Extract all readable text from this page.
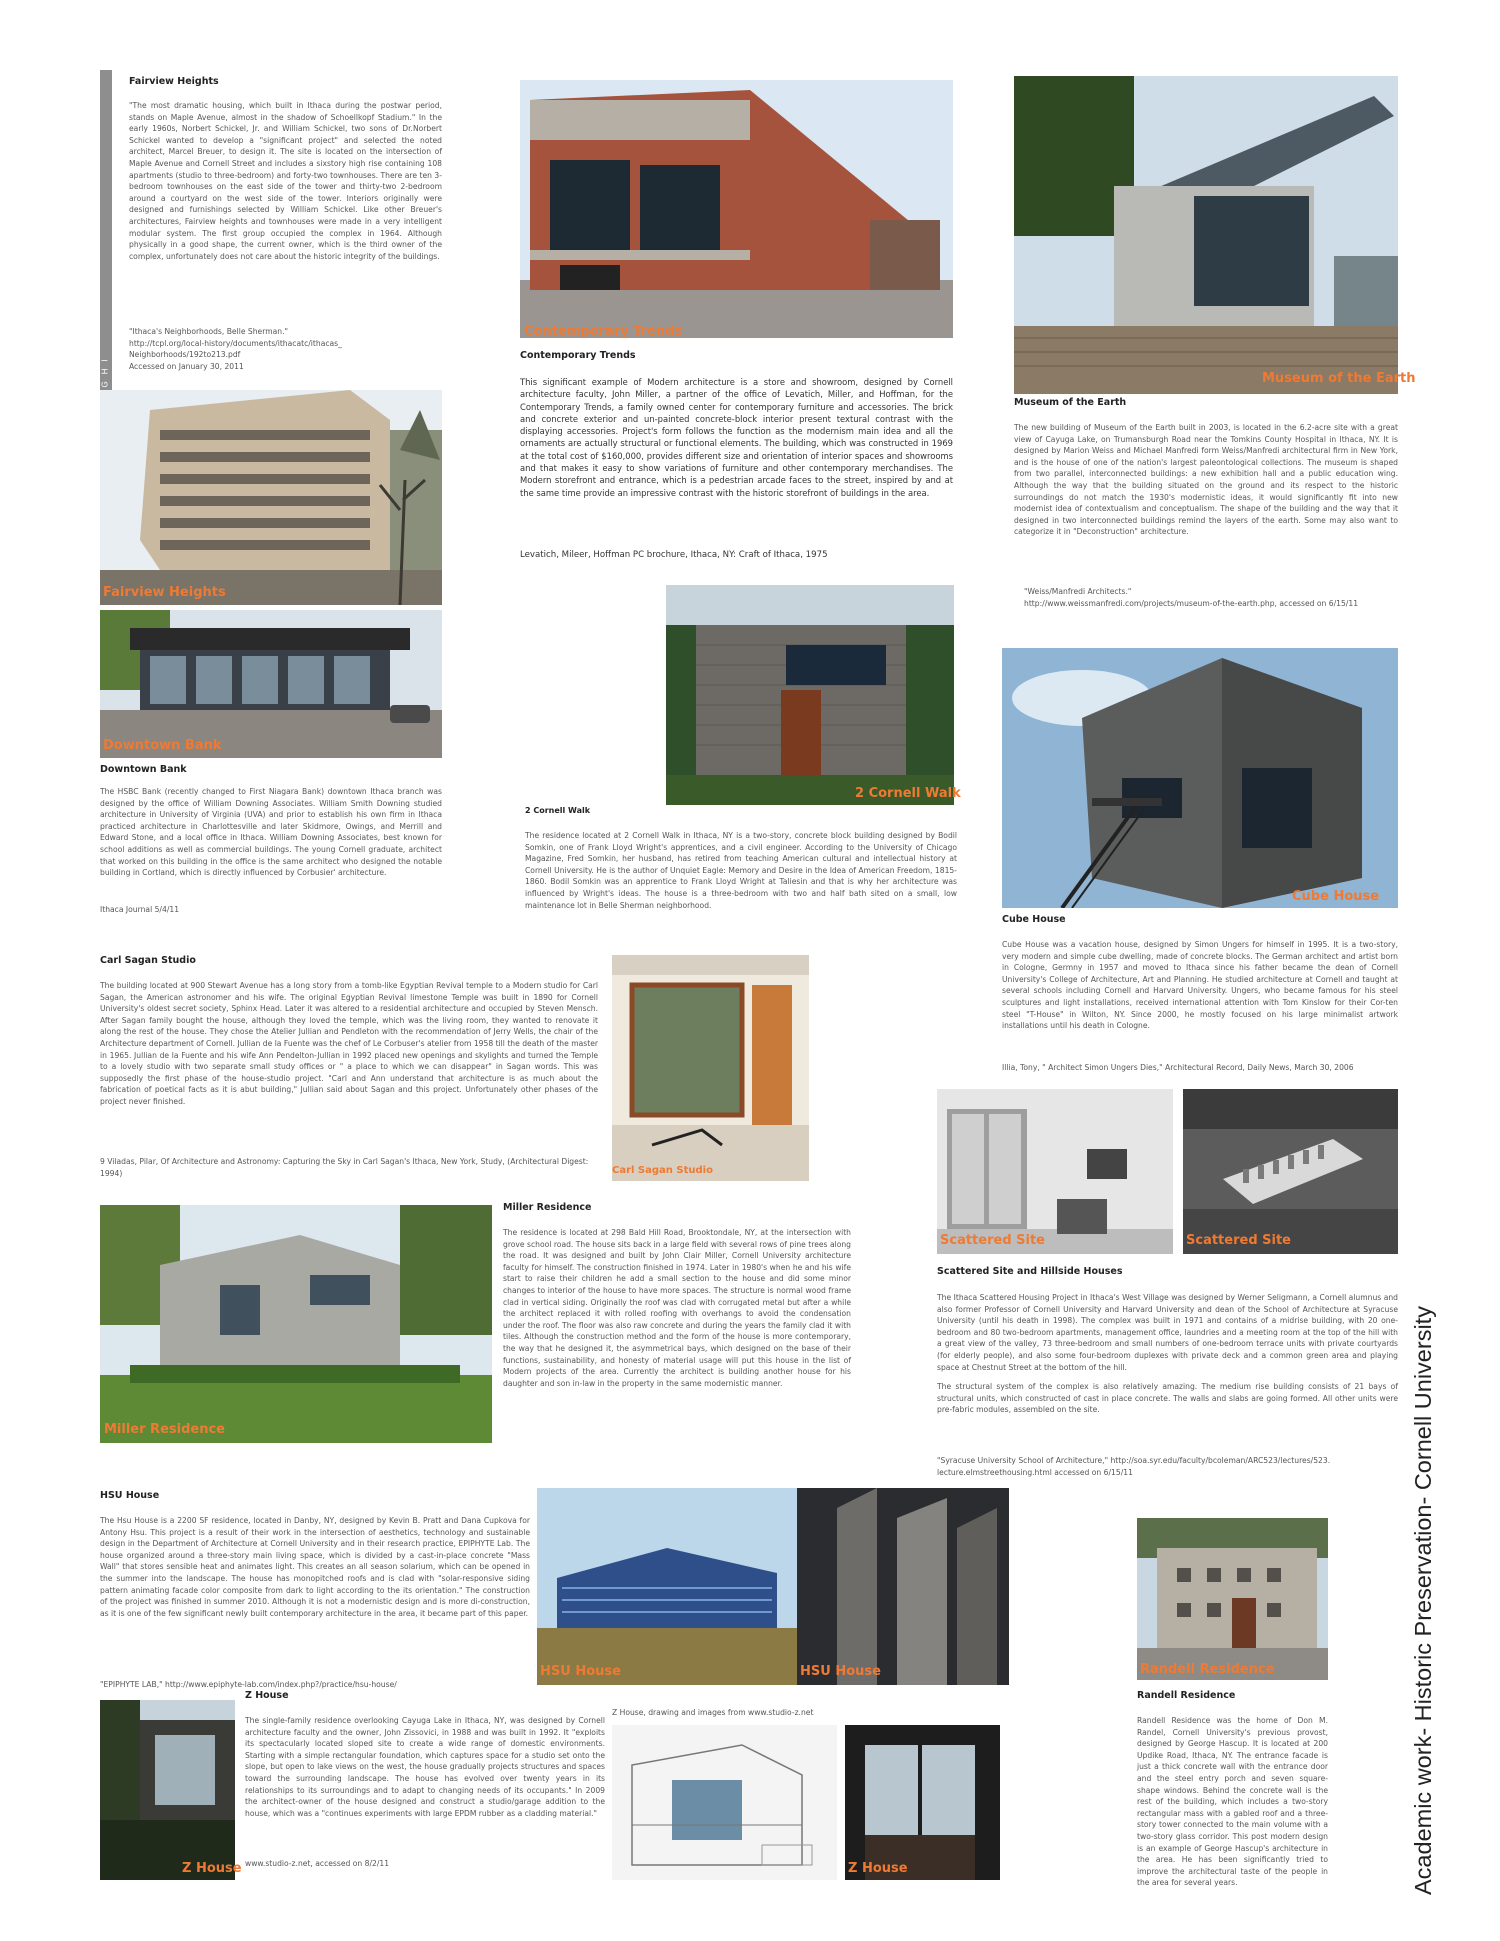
Academic work- Historic Preservation- Cornell University
Fairview Heights
"The most dramatic housing, which built in Ithaca during the postwar period, stands on Maple Avenue, almost in the shadow of Schoellkopf Stadium." In the early 1960s, Norbert Schickel, Jr. and William Schickel, two sons of Dr.Norbert Schickel wanted to develop a "significant project" and selected the noted architect, Marcel Breuer, to design it. The site is located on the intersection of Maple Avenue and Cornell Street and includes a sixstory high rise containing 108 apartments (studio to three-bedroom) and forty-two townhouses. There are ten 3-bedroom townhouses on the east side of the tower and thirty-two 2-bedroom around a courtyard on the west side of the tower. Interiors originally were designed and furnishings selected by William Schickel. Like other Breuer's architectures, Fairview heights and townhouses were made in a very intelligent modular system. The first group occupied the complex in 1964. Although physically in a good shape, the current owner, which is the third owner of the complex, unfortunately does not care about the historic integrity of the buildings.
"Ithaca's Neighborhoods, Belle Sherman."
http://tcpl.org/local-history/documents/ithacatc/ithacas_ Neighborhoods/192to213.pdf
Accessed on January 30, 2011
Fairview Heights
Downtown Bank
Downtown Bank
The HSBC Bank (recently changed to First Niagara Bank) downtown Ithaca branch was designed by the office of William Downing Associates. William Smith Downing studied architecture in University of Virginia (UVA) and prior to establish his own firm in Ithaca practiced architecture in Charlottesville and later Skidmore, Owings, and Merrill and Edward Stone, and a local office in Ithaca. William Downing Associates, best known for school additions as well as commercial buildings. The young Cornell graduate, architect that worked on this building in the office is the same architect who designed the notable building in Cortland, which is directly influenced by Corbusier' architecture.
Ithaca Journal 5/4/11
Contemporary Trends
Contemporary Trends
This significant example of Modern architecture is a store and showroom, designed by Cornell architecture faculty, John Miller, a partner of the office of Levatich, Miller, and Hoffman, for the Contemporary Trends, a family owned center for contemporary furniture and accessories. The brick and concrete exterior and un-painted concrete-block interior present textural contrast with the displaying accessories. Project's form follows the function as the modernism main idea and all the ornaments are actually structural or functional elements. The building, which was constructed in 1969 at the total cost of $160,000, provides different size and orientation of interior spaces and showrooms and that makes it easy to show variations of furniture and other contemporary merchandises. The Modern storefront and entrance, which is a pedestrian arcade faces to the street, inspired by and at the same time provide an impressive contrast with the historic storefront of buildings in the area.
Levatich, Mileer, Hoffman PC brochure, Ithaca, NY: Craft of Ithaca, 1975
2 Cornell Walk
2 Cornell Walk
The residence located at 2 Cornell Walk in Ithaca, NY is a two-story, concrete block building designed by Bodil Somkin, one of Frank Lloyd Wright's apprentices, and a civil engineer. According to the University of Chicago Magazine, Fred Somkin, her husband, has retired from teaching American cultural and intellectual history at Cornell University. He is the author of Unquiet Eagle: Memory and Desire in the Idea of American Freedom, 1815-1860. Bodil Somkin was an apprentice to Frank Lloyd Wright at Taliesin and that is why her architecture was influenced by Wright's ideas. The house is a three-bedroom with two and half bath sited on a small, low maintenance lot in Belle Sherman neighborhood.
Museum of the Earth
Museum of the Earth
The new building of Museum of the Earth built in 2003, is located in the 6.2-acre site with a great view of Cayuga Lake, on Trumansburgh Road near the Tomkins County Hospital in Ithaca, NY. It is designed by Marion Weiss and Michael Manfredi form Weiss/Manfredi architectural firm in New York, and is the house of one of the nation's largest paleontological collections. The museum is shaped from two parallel, interconnected buildings: a new exhibition hall and a public education wing. Although the way that the building situated on the ground and its respect to the historic surroundings do not match the 1930's modernistic ideas, it would significantly fit into new modernist idea of contextualism and conceptualism. The shape of the building and the way that it designed in two interconnected buildings remind the layers of the earth. Some may also want to categorize it in "Deconstruction" architecture.
"Weiss/Manfredi Architects."
http://www.weissmanfredi.com/projects/museum-of-the-earth.php, accessed on 6/15/11
Cube House
Cube House
Cube House was a vacation house, designed by Simon Ungers for himself in 1995. It is a two-story, very modern and simple cube dwelling, made of concrete blocks. The German architect and artist born in Cologne, Germny in 1957 and moved to Ithaca since his father became the dean of Cornell University's College of Architecture, Art and Planning. He studied architecture at Cornell and taught at several schools including Cornell and Harvard University. Ungers, who became famous for his steel sculptures and light installations, received international attention with Tom Kinslow for their Cor-ten steel "T-House" in Wilton, NY. Since 2000, he mostly focused on his large minimalist artwork installations until his death in Cologne.
Illia, Tony, " Architect Simon Ungers Dies," Architectural Record, Daily News, March 30, 2006
Carl Sagan Studio
The building located at 900 Stewart Avenue has a long story from a tomb-like Egyptian Revival temple to a Modern studio for Carl Sagan, the American astronomer and his wife. The original Egyptian Revival limestone Temple was built in 1890 for Cornell University's oldest secret society, Sphinx Head. Later it was altered to a residential architecture and occupied by Steven Mensch. After Sagan family bought the house, although they loved the temple, which was the living room, they wanted to renovate it along the rest of the house. They chose the Atelier Jullian and Pendleton with the recommendation of Jerry Wells, the chair of the Architecture department of Cornell. Jullian de la Fuente was the chef of Le Corbuser's atelier from 1958 till the death of the master in 1965. Jullian de la Fuente and his wife Ann Pendelton-Jullian in 1992 placed new openings and skylights and turned the Temple to a lovely studio with two separate small study offices or " a place to which we can disappear" in Sagan words. This was supposedly the first phase of the house-studio project. "Carl and Ann understand that architecture is as much about the fabrication of poetical facts as it is abut building," Jullian said about Sagan and this project. Unfortunately other phases of the project never finished.
9 Viladas, Pilar, Of Architecture and Astronomy: Capturing the Sky in Carl Sagan's Ithaca, New York, Study, (Architectural Digest: 1994)	Carl Sagan Studio
Scattered Site	Scattered Site
Scattered Site and Hillside Houses

The Ithaca Scattered Housing Project in Ithaca's West Village was designed by Werner Seligmann, a Cornell alumnus and also former Professor of Cornell University and Harvard University and dean of the School of Architecture at Syracuse University (until his death in 1998). The complex was built in 1971 and contains of a midrise building, with 20 one-bedroom and 80 two-bedroom apartments, management office, laundries and a meeting room at the top of the hill with a great view of the valley, 73 three-bedroom and small numbers of one-bedroom terrace units with private courtyards (for elderly people), and also some four-bedroom duplexes with private deck and a common green area and playing space at Chestnut Street at the bottom of the hill.

The structural system of the complex is also relatively amazing. The medium rise building consists of 21 bays of structural units, which constructed of cast in place concrete. The walls and slabs are going formed. All other units were pre-fabric modules, assembled on the site.

"Syracuse University School of Architecture," http://soa.syr.edu/faculty/bcoleman/ARC523/lectures/523. lecture.elmstreethousing.html accessed on 6/15/11
Miller Residence
Miller Residence
The residence is located at 298 Bald Hill Road, Brooktondale, NY, at the intersection with grove school road. The house sits back in a large field with several rows of pine trees along the road. It was designed and built by John Clair Miller, Cornell University architecture faculty for himself. The construction finished in 1974. Later in 1980's when he and his wife start to raise their children he add a small section to the house and did some minor changes to interior of the house to have more spaces. The structure is normal wood frame clad in vertical siding. Originally the roof was clad with corrugated metal but after a while the architect replaced it with rolled roofing with overhangs to avoid the condensation under the roof. The floor was also raw concrete and during the years the family clad it with tiles. Although the construction method and the form of the house is more contemporary, the way that he designed it, the asymmetrical bays, which designed on the base of their functions, sustainability, and honesty of material usage will put this house in the list of Modern projects of the area. Currently the architect is building another house for his daughter and son in-law in the property in the same modernistic manner.
HSU House
The Hsu House is a 2200 SF residence, located in Danby, NY, designed by Kevin B. Pratt and Dana Cupkova for Antony Hsu. This project is a result of their work in the intersection of aesthetics, technology and sustainable design in the Department of Architecture at Cornell University and in their research practice, EPIPHYTE Lab. The house organized around a three-story main living space, which is divided by a cast-in-place concrete "Mass Wall" that stores sensible heat and animates light. This creates an all season solarium, which can be opened in the summer into the landscape. The house has monopitched roofs and is clad with "solar-responsive siding pattern animating facade color composite from dark to light according to the its orientation." The construction of the project was finished in summer 2010. Although it is not a modernistic design and is more di-construction, as it is one of the few significant newly built contemporary architecture in the area, it became part of this paper.
"EPIPHYTE LAB," http://www.epiphyte-lab.com/index.php?/practice/hsu-house/
HSU House	HSU House
Z House
Z House
The single-family residence overlooking Cayuga Lake in Ithaca, NY, was designed by Cornell architecture faculty and the owner, John Zissovici, in 1988 and was built in 1992. It "exploits its spectacularly located sloped site to create a wide range of domestic environments. Starting with a simple rectangular foundation, which captures space for a studio set onto the slope, but open to lake views on the west, the house gradually projects structures and spaces toward the surrounding landscape. The house has evolved over twenty years in its relationships to its surroundings and to adapt to changing needs of its occupants." In 2009 the architect-owner of the house designed and construct a studio/garage addition to the house, which was a "continues experiments with large EPDM rubber as a cladding material."
www.studio-z.net, accessed on 8/2/11
Z House, drawing and images from www.studio-z.net
Z House
Randell Residence
Randell Residence
Randell Residence was the home of Don M. Randel, Cornell University's previous provost, designed by George Hascup. It is located at 200 Updike Road, Ithaca, NY. The entrance facade is just a thick concrete wall with the entrance door and the steel entry porch and seven square-shape windows. Behind the concrete wall is the rest of the building, which includes a two-story rectangular mass with a gabled roof and a three-story tower connected to the main volume with a two-story glass corridor. This post modern design is an example of George Hascup's architecture in the area. He has been significantly tried to improve the architectural taste of the people in the area for several years.
